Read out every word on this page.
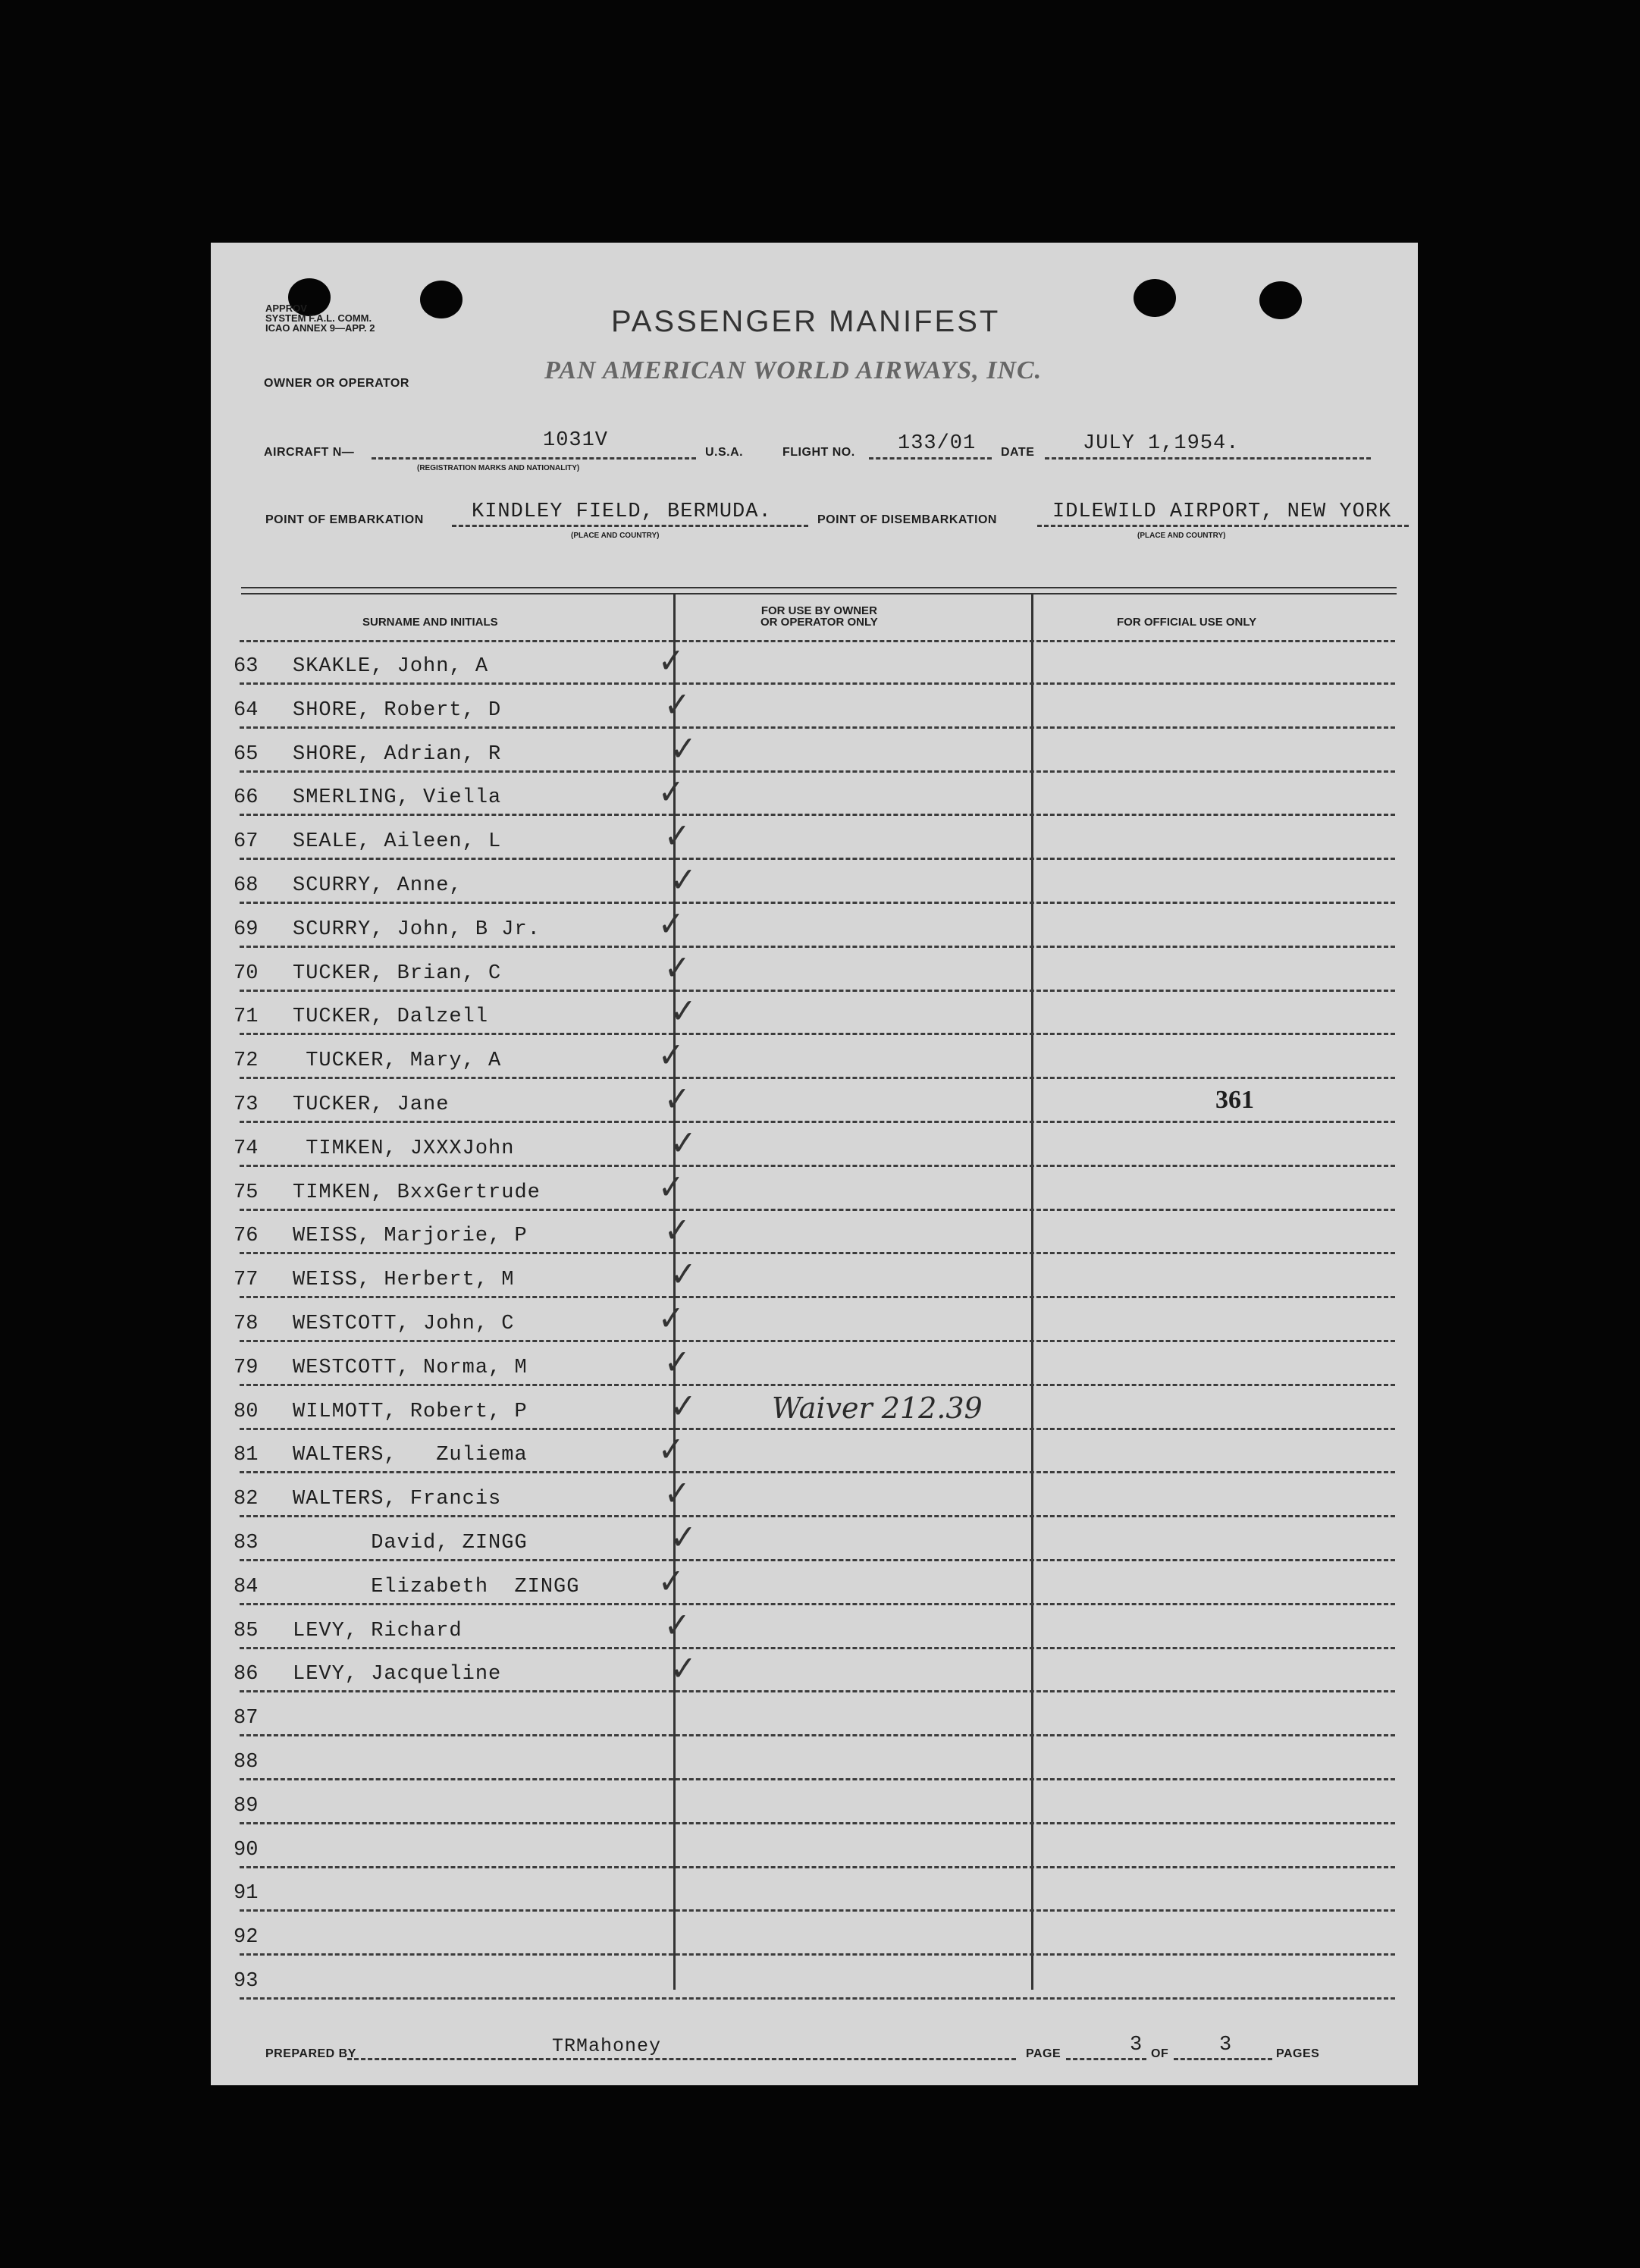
APPROV
SYSTEM F.A.L. COMM.
ICAO ANNEX 9—APP. 2	PASSENGER MANIFEST
OWNER OR OPERATOR	PAN AMERICAN WORLD AIRWAYS, INC.
AIRCRAFT N—
1031V
(REGISTRATION MARKS AND NATIONALITY)
U.S.A.	FLIGHT NO. 133/01 DATE JULY 1,1954.
POINT OF EMBARKATION KINDLEY FIELD, BERMUDA.
(PLACE AND COUNTRY)
POINT OF DISEMBARKATION	IDLEWILD AIRPORT, NEW YORK
(PLACE AND COUNTRY)
SURNAME AND INITIALS
FOR USE BY OWNER
OR OPERATOR ONLY	FOR OFFICIAL USE ONLY
63	SKAKLE, John, A	✓
64	SHORE, Robert, D	✓
65	SHORE, Adrian, R	✓
66	SMERLING, Viella	✓
67	SEALE, Aileen, L	✓
68	SCURRY, Anne,	✓
69	SCURRY, John, B Jr.	✓
70	TUCKER, Brian, C	✓
71	TUCKER, Dalzell	✓
72	TUCKER, Mary, A	✓
73	TUCKER, Jane	✓	361
74	TIMKEN, JXXXJohn	✓
75	TIMKEN, BxxGertrude	✓
76	WEISS, Marjorie, P	✓
77	WEISS, Herbert, M	✓
78	WESTCOTT, John, C	✓
79	WESTCOTT, Norma, M	✓
80	WILMOTT, Robert, P	✓	Waiver 212.39
81	WALTERS,   Zuliema	✓
82	WALTERS, Francis	✓
83	David, ZINGG	✓
84	Elizabeth  ZINGG ✓
85	LEVY, Richard	✓
86	LEVY, Jacqueline	✓
87
88
89
90
91
92
93
PREPARED BY	TRMahoney	PAGE	3 OF 3	PAGES
